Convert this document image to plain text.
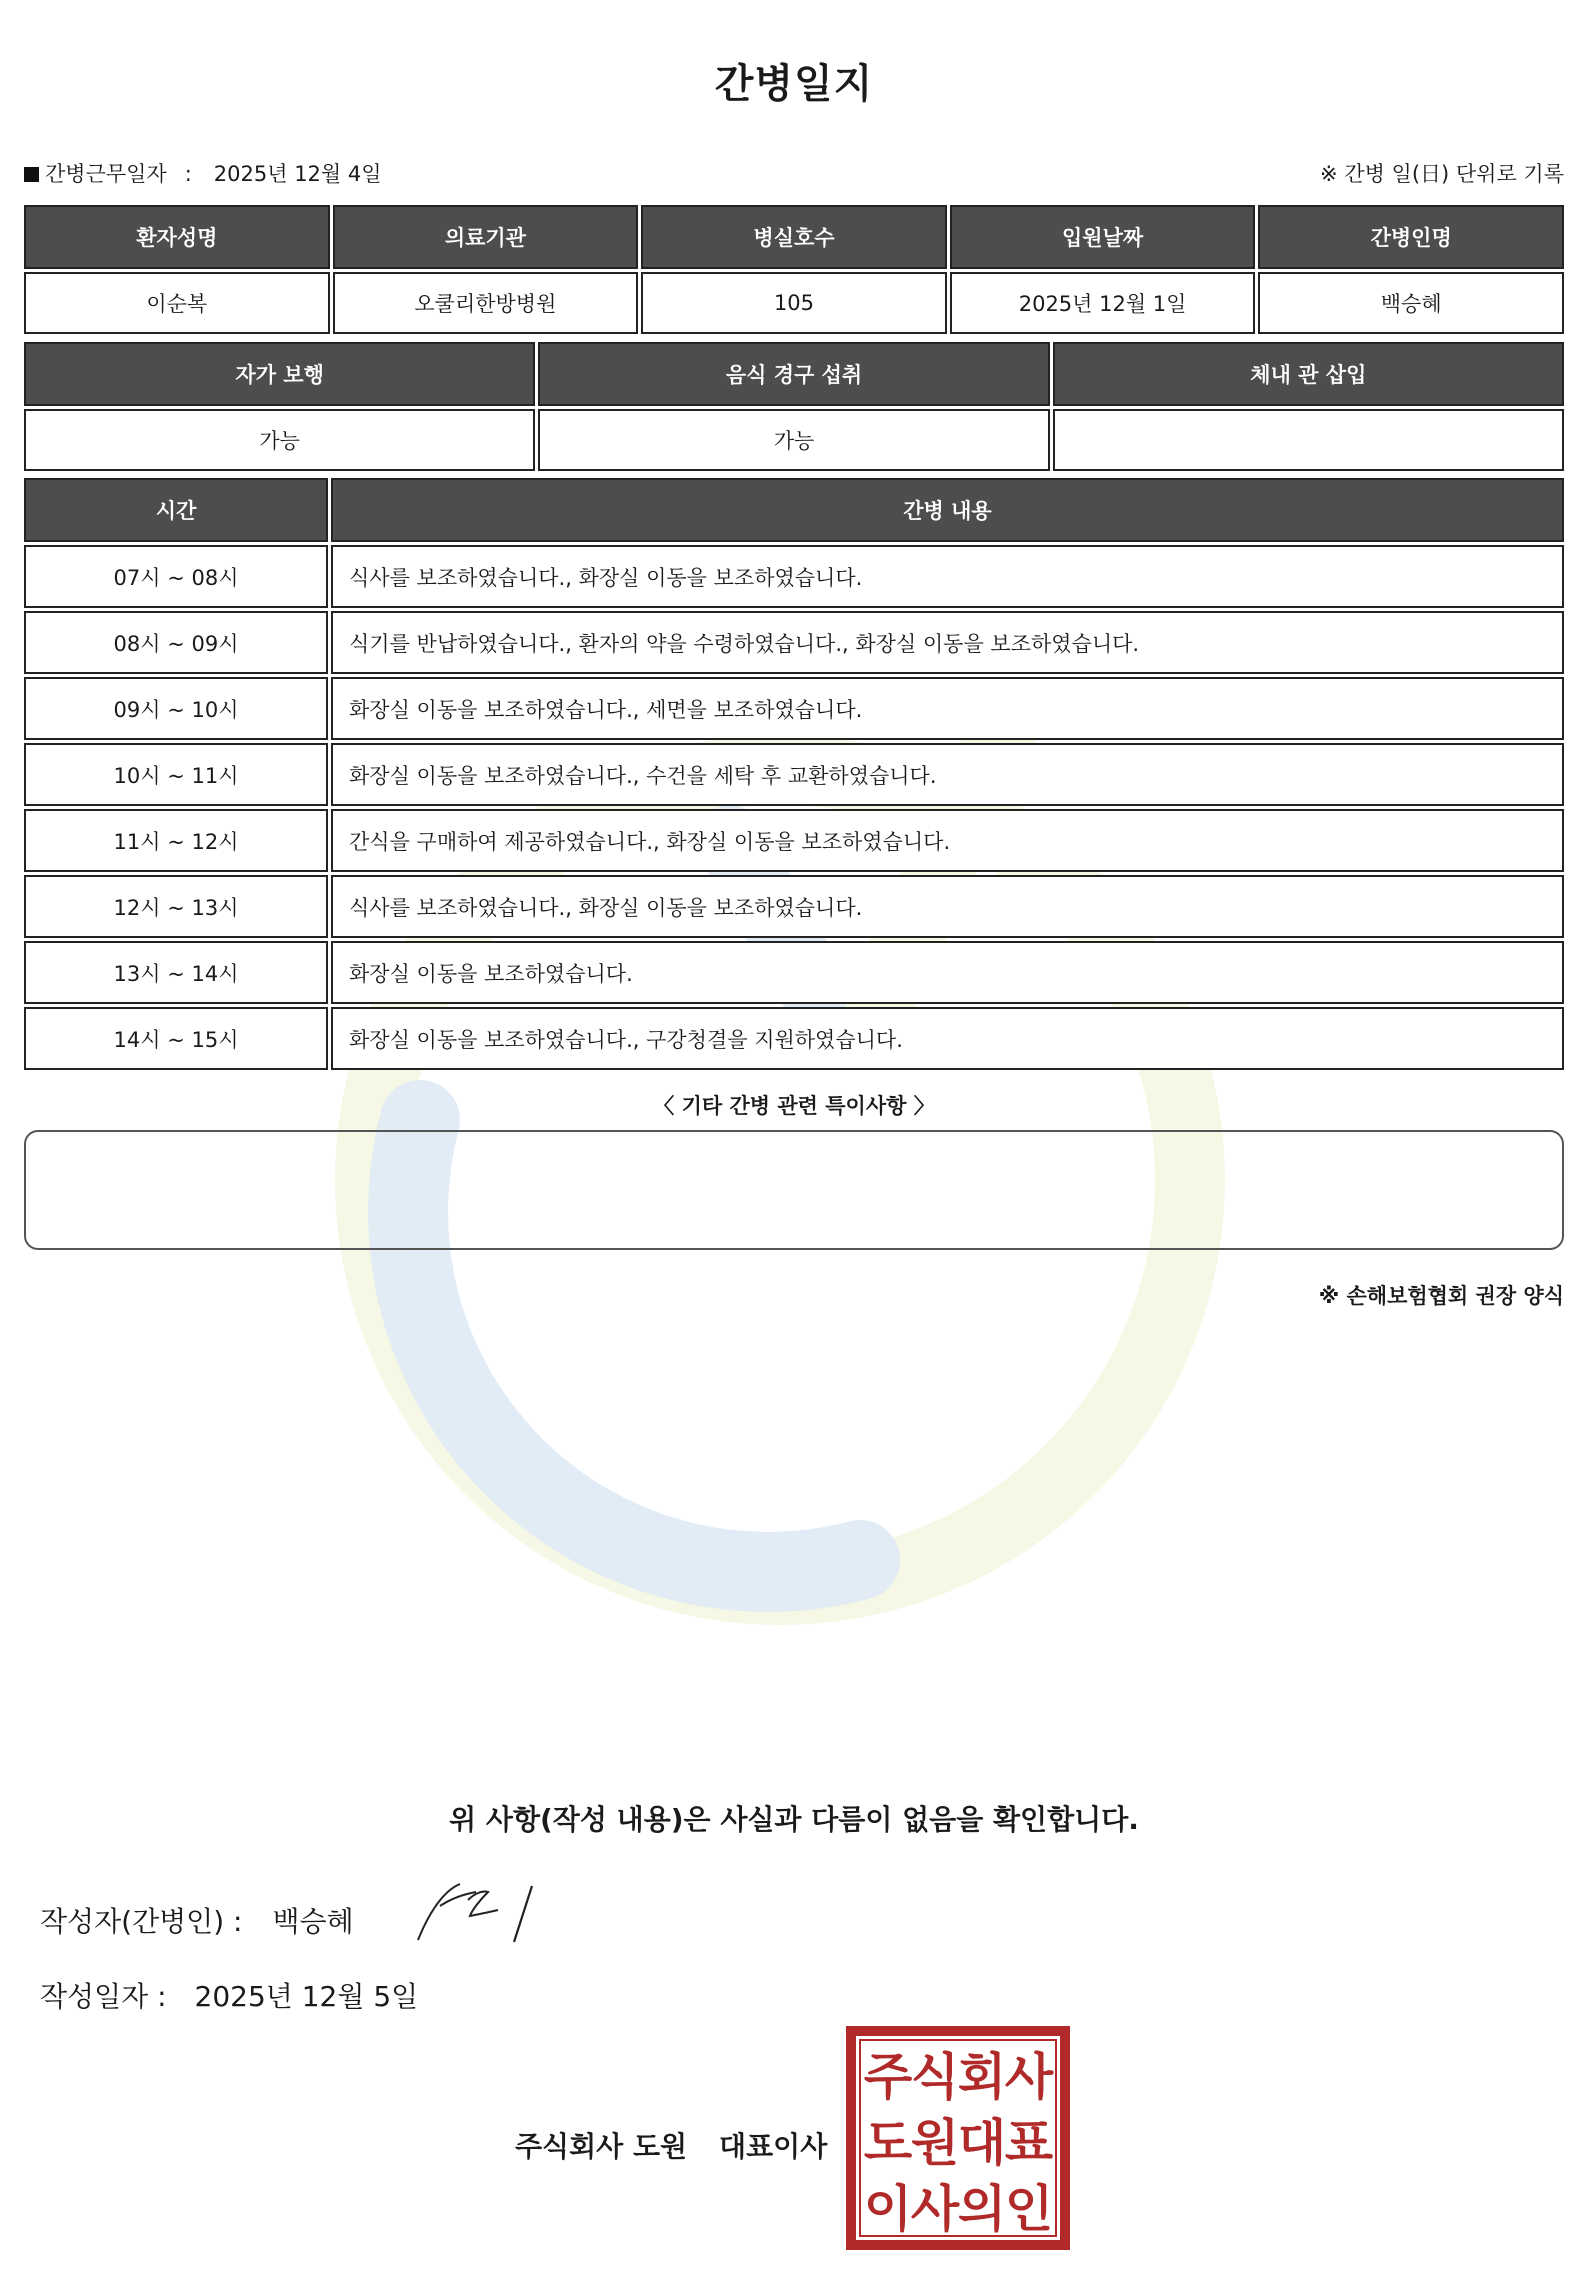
간병일지
간병근무일자 : 2025년 12월 4일	※ 간병 일(日) 단위로 기록
환자성명	의료기관	병실호수	입원날짜	간병인명
이순복	오쿨리한방병원	105	2025년 12월 1일	백승혜
자가 보행	음식 경구 섭취	체내 관 삽입
가능	가능
시간	간병 내용
07시 ~ 08시	식사를 보조하였습니다., 화장실 이동을 보조하였습니다.
08시 ~ 09시	식기를 반납하였습니다., 환자의 약을 수령하였습니다., 화장실 이동을 보조하였습니다.
09시 ~ 10시	화장실 이동을 보조하였습니다., 세면을 보조하였습니다.
10시 ~ 11시	화장실 이동을 보조하였습니다., 수건을 세탁 후 교환하였습니다.
11시 ~ 12시	간식을 구매하여 제공하였습니다., 화장실 이동을 보조하였습니다.
12시 ~ 13시	식사를 보조하였습니다., 화장실 이동을 보조하였습니다.
13시 ~ 14시	화장실 이동을 보조하였습니다.
14시 ~ 15시	화장실 이동을 보조하였습니다., 구강청결을 지원하였습니다.
〈 기타 간병 관련 특이사항 〉
※ 손해보험협회 권장 양식
위 사항(작성 내용)은 사실과 다름이 없음을 확인합니다.
작성자(간병인) : 백승혜
작성일자 : 2025년 12월 5일
주식회사 도원 대표이사
주
식
회
사
도
원
대
표
이
사
의
인
